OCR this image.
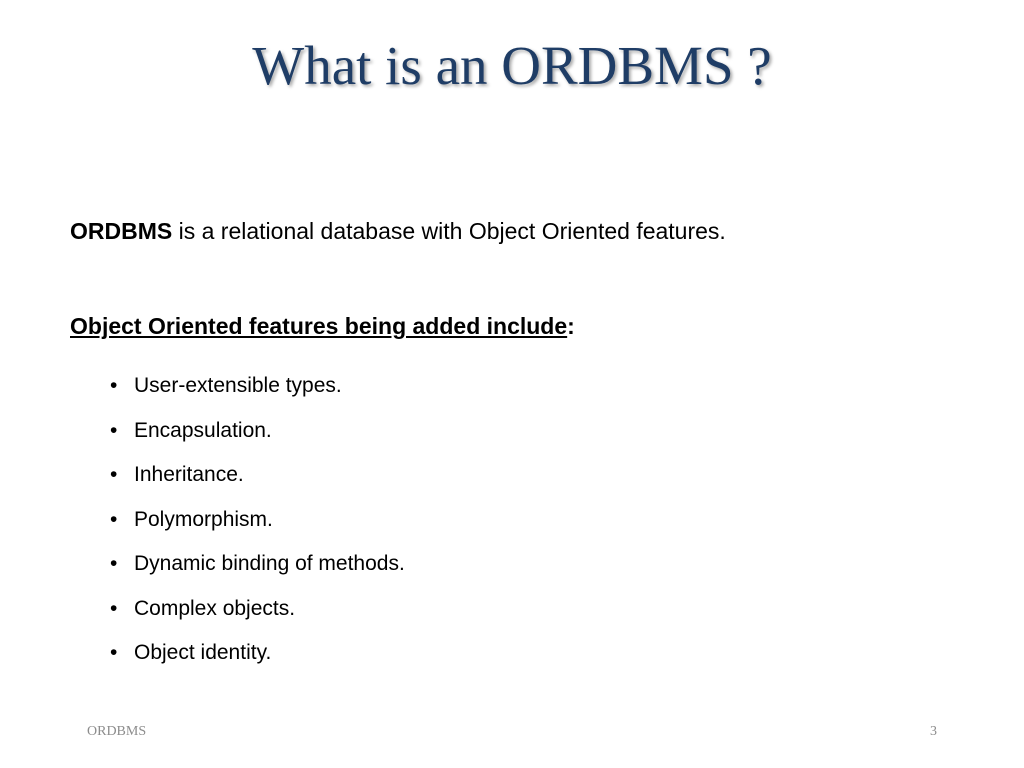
What is an ORDBMS ?
ORDBMS is a relational database with Object Oriented features.
Object Oriented features being added include:
• User-extensible types.
• Encapsulation.
• Inheritance.
• Polymorphism.
• Dynamic binding of methods.
• Complex objects.
• Object identity.
ORDBMS	3
